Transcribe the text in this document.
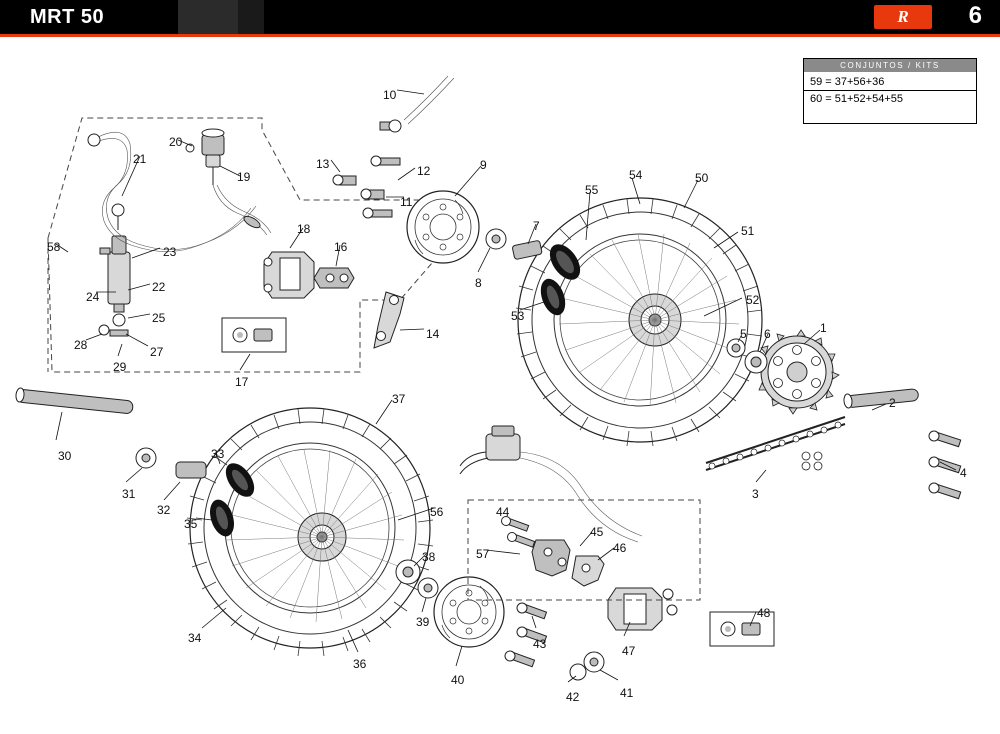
MRT 50	R	6
CONJUNTOS / KITS
59 = 37+56+36
60 = 51+52+54+55
1
2
3
4
5 6
7
8
9
10
11
12
13
14
16
17
18
19
20
21
22
23
24
25
27
28
29
30
31
32
33
34
35
36
37
38
39
40
41
42
43
44
45
46
47
48
50
51
52
53
54
55
56
57
58
